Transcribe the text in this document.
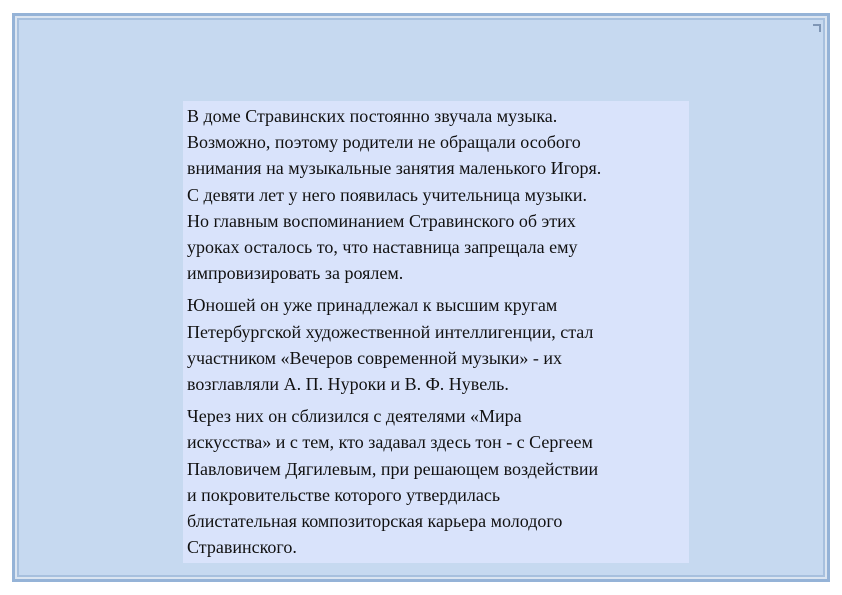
В доме Стравинских постоянно звучала музыка.
Возможно, поэтому родители не обращали особого
внимания на музыкальные занятия маленького Игоря.
С девяти лет у него появилась учительница музыки.
Но главным воспоминанием Стравинского об этих
уроках осталось то, что наставница запрещала ему
импровизировать за роялем.

Юношей он уже принадлежал к высшим кругам
Петербургской художественной интеллигенции, стал
участником «Вечеров современной музыки» - их
возглавляли А. П. Нуроки и В. Ф. Нувель.

Через них он сблизился с деятелями «Мира
искусства» и с тем, кто задавал здесь тон - с Сергеем
Павловичем Дягилевым, при решающем воздействии
и покровительстве которого утвердилась
блистательная композиторская карьера молодого
Стравинского.
